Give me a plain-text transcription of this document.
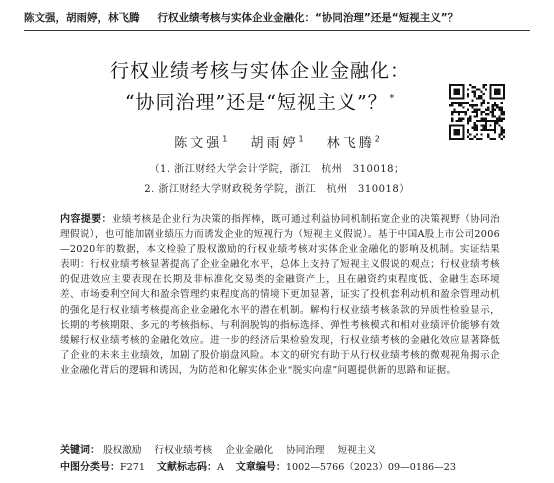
陈文强，胡雨婷，林飞腾 行权业绩考核与实体企业金融化：“协同治理”还是“短视主义”？
行权业绩考核与实体企业金融化：
“协同治理”还是“短视主义”？ *
陈文强$^1$ 胡雨婷$^1$ 林飞腾$^2$
（1. 浙江财经大学会计学院，浙江　杭州　310018；
2. 浙江财经大学财政税务学院，浙江　杭州　310018）
内容提要：业绩考核是企业行为决策的指挥棒，既可通过利益协同机制拓宽企业的决策视野（协同治理假说），也可能加剧业绩压力而诱发企业的短视行为（短视主义假说）。基于中国A股上市公司2006—2020年的数据，本文检验了股权激励的行权业绩考核对实体企业金融化的影响及机制。实证结果表明：行权业绩考核显著提高了企业金融化水平，总体上支持了短视主义假说的观点；行权业绩考核的促进效应主要表现在长期及非标准化交易类的金融资产上，且在融资约束程度低、金融生态环境差、市场委利空间大和盈余管理约束程度高的情境下更加显著，证实了投机套利动机和盈余管理动机的强化是行权业绩考核提高企业金融化水平的潜在机制。解构行权业绩考核条款的异质性检验显示，长期的考核期限、多元的考核指标、与利润脱钩的指标选择、弹性考核模式和相对业绩评价能够有效缓解行权业绩考核的金融化效应。进一步的经济后果检验发现，行权业绩考核的金融化效应显著降低了企业的未来主业绩效，加剧了股价崩盘风险。本文的研究有助于从行权业绩考核的微观视角揭示企业金融化背后的逻辑和诱因，为防范和化解实体企业“脱实向虚”问题提供新的思路和证据。
关键词： 股权激励 行权业绩考核 企业金融化 协同治理 短视主义
中图分类号：F271 文献标志码：A 文章编号：1002—5766（2023）09—0186—23
